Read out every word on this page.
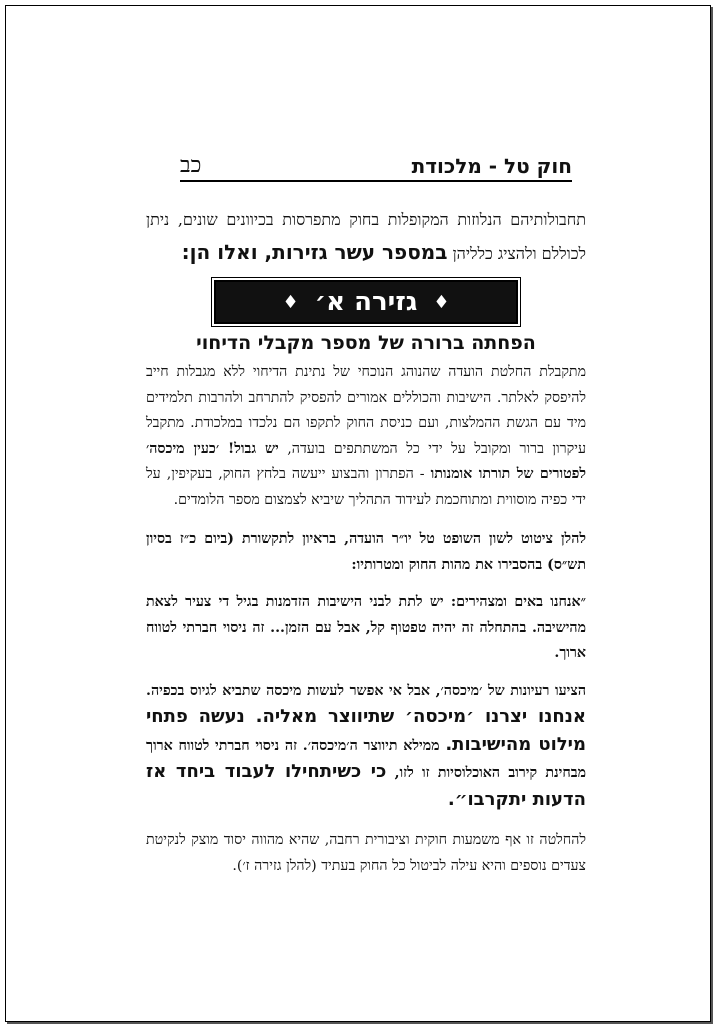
חוק טל - מלכודת
כב

תחבולותיהם הנלוזות המקופלות בחוק מתפרסות בכיוונים שונים, ניתן לכוללם ולהציג כלליהן במספר עשר גזירות, ואלו הן:

♦
גזירה א׳
♦
הפחתה ברורה של מספר מקבלי הדיחוי

מתקבלת החלטת הועדה שהנוהג הנוכחי של נתינת הדיחוי ללא מגבלות חייב להיפסק לאלתר. הישיבות והכוללים אמורים להפסיק להתרחב ולהרבות תלמידים מיד עם הגשת ההמלצות, ועם כניסת החוק לתקפו הם נלכדו במלכודת. מתקבל עיקרון ברור ומקובל על ידי כל המשתתפים בועדה, יש גבול! ׳כעין מיכסה׳ לפטורים של תורתו אומנותו - הפתרון והבצוע ייעשה בלחץ החוק, בעקיפין, על ידי כפיה מוסווית ומתוחכמת לעידוד התהליך שיביא לצמצום מספר הלומדים.

להלן ציטוט לשון השופט טל יו״ר הועדה, בראיון לתקשורת (ביום כ״ז בסיון תש״ס) בהסבירו את מהות החוק ומטרותיו:

״אנחנו באים ומצהירים: יש לתת לבני הישיבות הזדמנות בגיל די צעיר לצאת מהישיבה. בהתחלה זה יהיה טפטוף קל, אבל עם הזמן... זה ניסוי חברתי לטווח ארוך.

הציעו רעיונות של ׳מיכסה׳, אבל אי אפשר לעשות מיכסה שתביא לגיוס בכפיה. אנחנו יצרנו ׳מיכסה׳ שתיווצר מאליה. נעשה פתחי מילוט מהישיבות. ממילא תיווצר ה׳מיכסה׳. זה ניסוי חברתי לטווח ארוך מבחינת קירוב האוכלוסיות זו לזו, כי כשיתחילו לעבוד ביחד אז הדעות יתקרבו״.

להחלטה זו אף משמעות חוקית וציבורית רחבה, שהיא מהווה יסוד מוצק לנקיטת צעדים נוספים והיא עילה לביטול כל החוק בעתיד (להלן גזירה ז׳).
